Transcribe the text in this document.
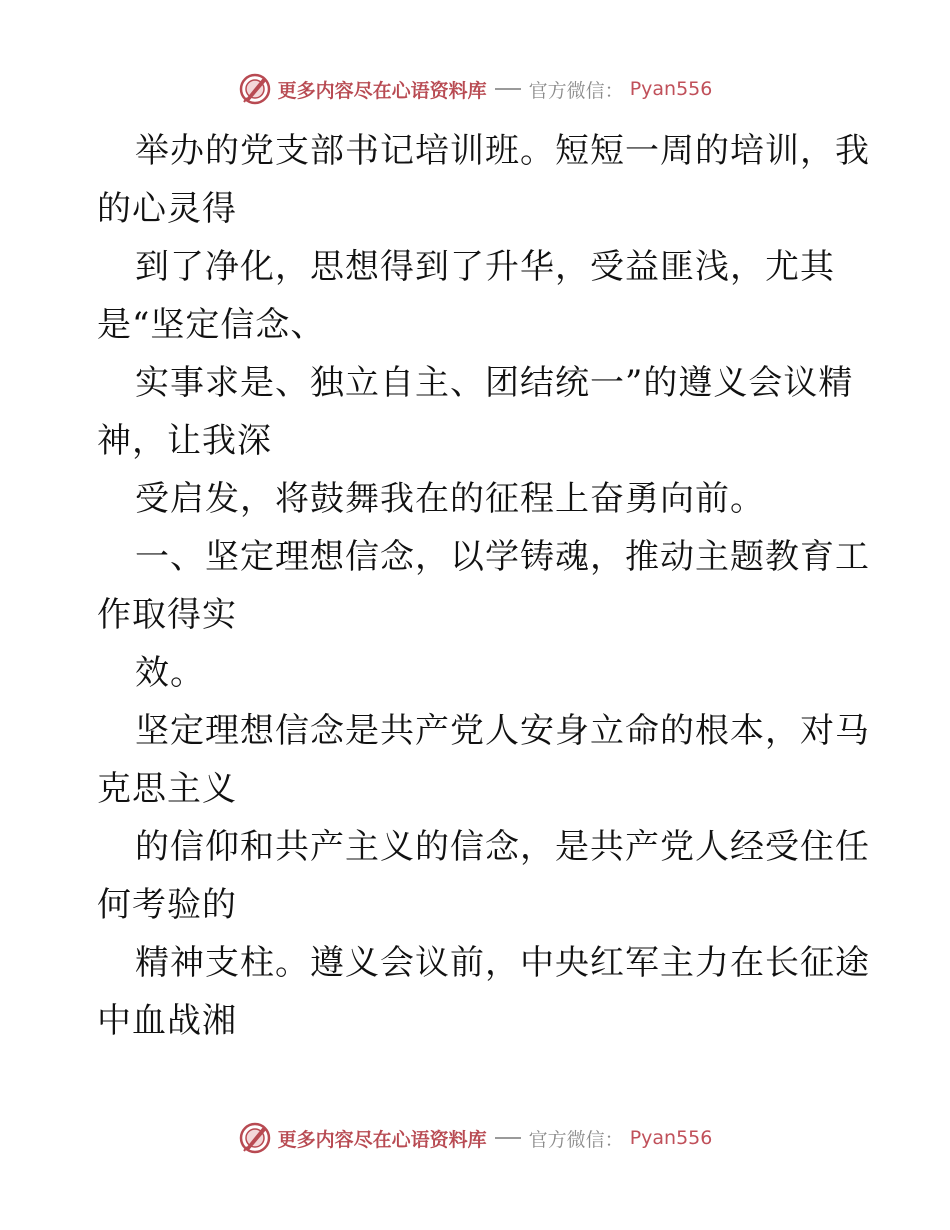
更多内容尽在心语资料库 官方微信： Pyan556
举办的党支部书记培训班。短短一周的培训，我
的心灵得
到了净化，思想得到了升华，受益匪浅，尤其
是“坚定信念、
实事求是、独立自主、团结统一”的遵义会议精
神，让我深
受启发，将鼓舞我在的征程上奋勇向前。
一、坚定理想信念，以学铸魂，推动主题教育工
作取得实
效。
坚定理想信念是共产党人安身立命的根本，对马
克思主义
的信仰和共产主义的信念，是共产党人经受住任
何考验的
精神支柱。遵义会议前，中央红军主力在长征途
中血战湘
更多内容尽在心语资料库 官方微信： Pyan556
